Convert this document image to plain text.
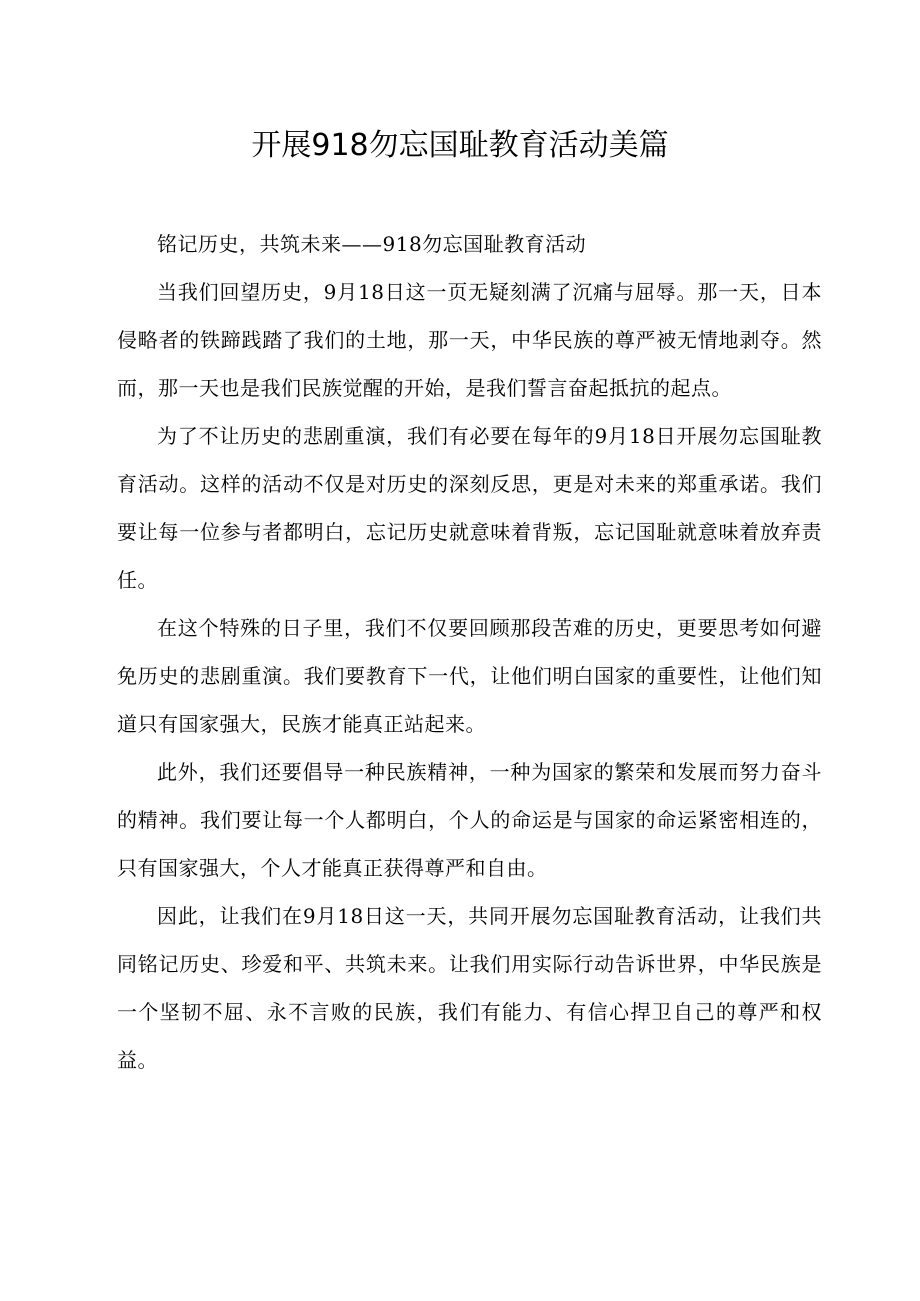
开展918勿忘国耻教育活动美篇

铭记历史，共筑未来——918勿忘国耻教育活动

当我们回望历史，9月18日这一页无疑刻满了沉痛与屈辱。那一天，日本侵略者的铁蹄践踏了我们的土地，那一天，中华民族的尊严被无情地剥夺。然而，那一天也是我们民族觉醒的开始，是我们誓言奋起抵抗的起点。

为了不让历史的悲剧重演，我们有必要在每年的9月18日开展勿忘国耻教育活动。这样的活动不仅是对历史的深刻反思，更是对未来的郑重承诺。我们要让每一位参与者都明白，忘记历史就意味着背叛，忘记国耻就意味着放弃责任。

在这个特殊的日子里，我们不仅要回顾那段苦难的历史，更要思考如何避免历史的悲剧重演。我们要教育下一代，让他们明白国家的重要性，让他们知道只有国家强大，民族才能真正站起来。

此外，我们还要倡导一种民族精神，一种为国家的繁荣和发展而努力奋斗的精神。我们要让每一个人都明白，个人的命运是与国家的命运紧密相连的，只有国家强大，个人才能真正获得尊严和自由。

因此，让我们在9月18日这一天，共同开展勿忘国耻教育活动，让我们共同铭记历史、珍爱和平、共筑未来。让我们用实际行动告诉世界，中华民族是一个坚韧不屈、永不言败的民族，我们有能力、有信心捍卫自己的尊严和权益。
